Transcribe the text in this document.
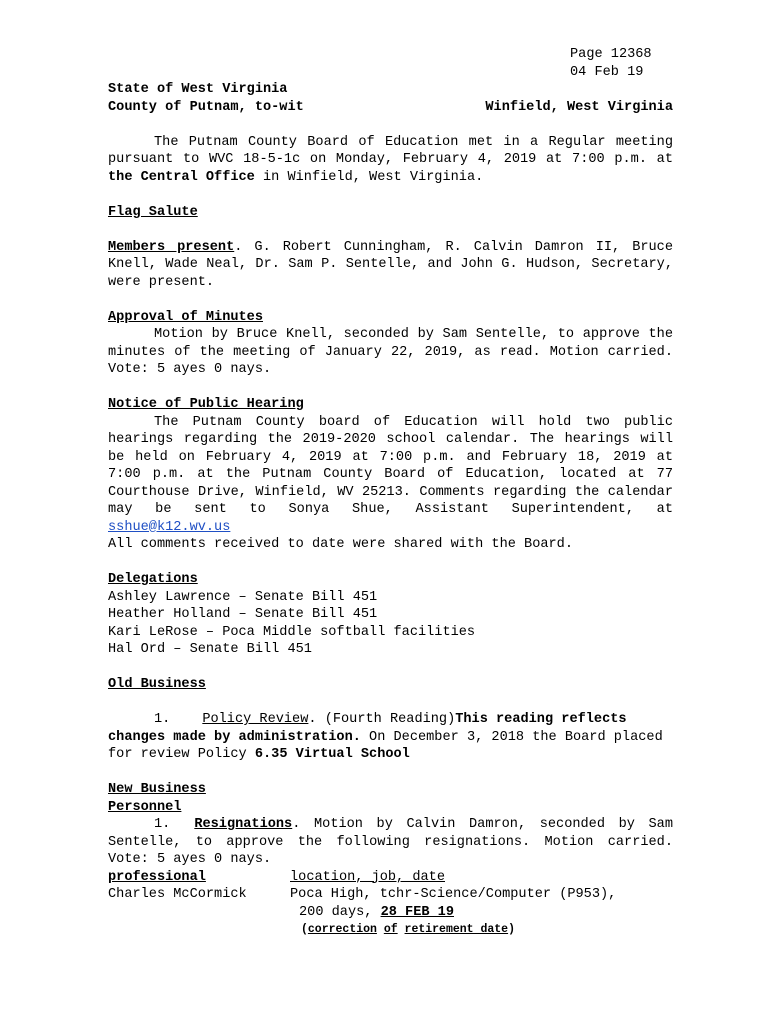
Page 12368
04 Feb 19
State of West Virginia
County of Putnam, to-wit	Winfield, West Virginia

The Putnam County Board of Education met in a Regular meeting pursuant to WVC 18-5-1c on Monday, February 4, 2019 at 7:00 p.m. at the Central Office in Winfield, West Virginia.

Flag Salute

Members present. G. Robert Cunningham, R. Calvin Damron II, Bruce Knell, Wade Neal, Dr. Sam P. Sentelle, and John G. Hudson, Secretary, were present.

Approval of Minutes

Motion by Bruce Knell, seconded by Sam Sentelle, to approve the minutes of the meeting of January 22, 2019, as read. Motion carried. Vote: 5 ayes 0 nays.

Notice of Public Hearing

The Putnam County board of Education will hold two public hearings regarding the 2019-2020 school calendar. The hearings will be held on February 4, 2019 at 7:00 p.m. and February 18, 2019 at 7:00 p.m. at the Putnam County Board of Education, located at 77 Courthouse Drive, Winfield, WV 25213. Comments regarding the calendar may be sent to Sonya Shue, Assistant Superintendent, at sshue@k12.wv.us

All comments received to date were shared with the Board.

Delegations
Ashley Lawrence – Senate Bill 451
Heather Holland – Senate Bill 451
Kari LeRose – Poca Middle softball facilities
Hal Ord – Senate Bill 451
Old Business

1. Policy Review. (Fourth Reading)This reading reflects changes made by administration. On December 3, 2018 the Board placed for review Policy 6.35 Virtual School

New Business
Personnel

1. Resignations. Motion by Calvin Damron, seconded by Sam Sentelle, to approve the following resignations. Motion carried. Vote: 5 ayes 0 nays.

professional	location, job, date
Charles McCormick	Poca High, tchr-Science/Computer (P953),
200 days, 28 FEB 19
(correction of retirement date)
